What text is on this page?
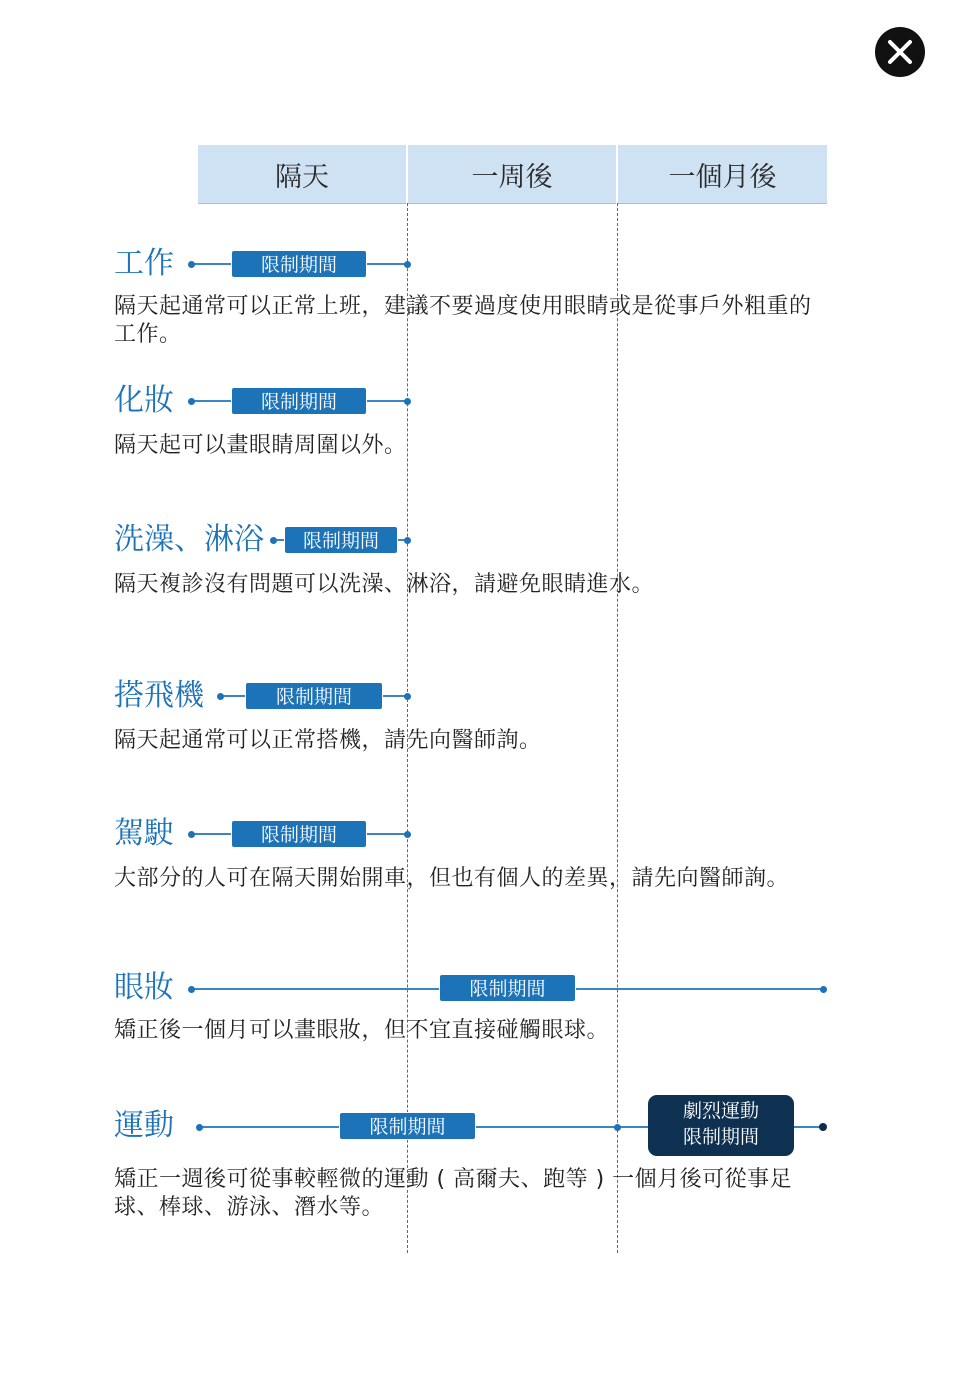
隔天	一周後	一個月後
工作	限制期間
隔天起通常可以正常上班，建議不要過度使用眼睛或是從事戶外粗重的工作。
化妝	限制期間
隔天起可以畫眼睛周圍以外。
洗澡、淋浴	限制期間
隔天複診沒有問題可以洗澡、淋浴，請避免眼睛進水。
搭飛機	限制期間
隔天起通常可以正常搭機，請先向醫師詢。
駕駛	限制期間
大部分的人可在隔天開始開車，但也有個人的差異，請先向醫師詢。
眼妝	限制期間
矯正後一個月可以畫眼妝，但不宜直接碰觸眼球。
運動	限制期間
劇烈運動
限制期間
矯正一週後可從事較輕微的運動 ( 高爾夫、跑等 ) 一個月後可從事足球、棒球、游泳、潛水等。
